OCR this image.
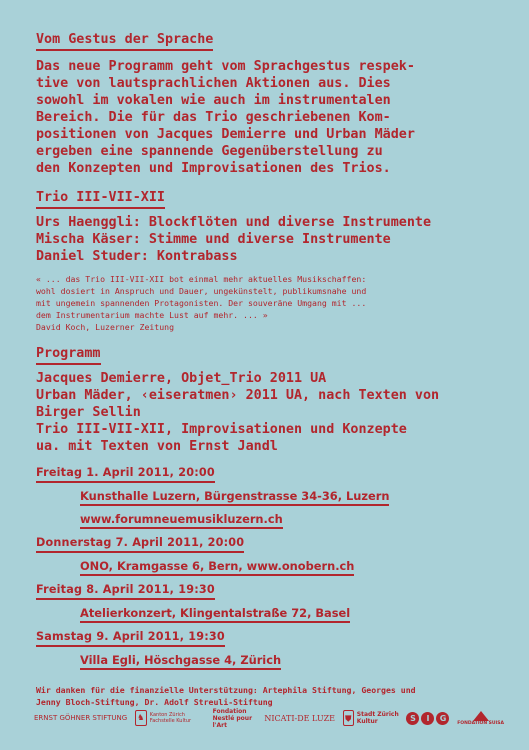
Vom Gestus der Sprache

Das neue Programm geht vom Sprachgestus respek-

tive von lautsprachlichen Aktionen aus. Dies

sowohl im vokalen wie auch im instrumentalen

Bereich. Die für das Trio geschriebenen Kom-

positionen von Jacques Demierre und Urban Mäder

ergeben eine spannende Gegenüberstellung zu

den Konzepten und Improvisationen des Trios.

Trio III-VII-XII

Urs Haenggli: Blockflöten und diverse Instrumente

Mischa Käser: Stimme und diverse Instrumente

Daniel Studer: Kontrabass

« ... das Trio III-VII-XII bot einmal mehr aktuelles Musikschaffen:
wohl dosiert in Anspruch und Dauer, ungekünstelt, publikumsnahe und
mit ungemein spannenden Protagonisten. Der souveräne Umgang mit ...
dem Instrumentarium machte Lust auf mehr. ... »
David Koch, Luzerner Zeitung
Programm

Jacques Demierre, Objet_Trio 2011 UA

Urban Mäder, ‹eiseratmen› 2011 UA, nach Texten von

Birger Sellin

Trio III-VII-XII, Improvisationen und Konzepte

ua. mit Texten von Ernst Jandl

Freitag 1. April 2011, 20:00
Kunsthalle Luzern, Bürgenstrasse 34-36, Luzern
www.forumneuemusikluzern.ch
Donnerstag 7. April 2011, 20:00
ONO, Kramgasse 6, Bern, www.onobern.ch
Freitag 8. April 2011, 19:30
Atelierkonzert, Klingentalstraße 72, Basel
Samstag 9. April 2011, 19:30
Villa Egli, Höschgasse 4, Zürich
Wir danken für die finanzielle Unterstützung: Artephila Stiftung, Georges und
Jenny Bloch-Stiftung, Dr. Adolf Streuli-Stiftung
ERNST GÖHNER STIFTUNG ♞	Kanton Zürich Fachstelle Kultur
Fondation Nestlé pour l'Art
NICATI-DE LUZE	⛊ Stadt Zürich Kultur	S	I	G
FONDATION SUISA
